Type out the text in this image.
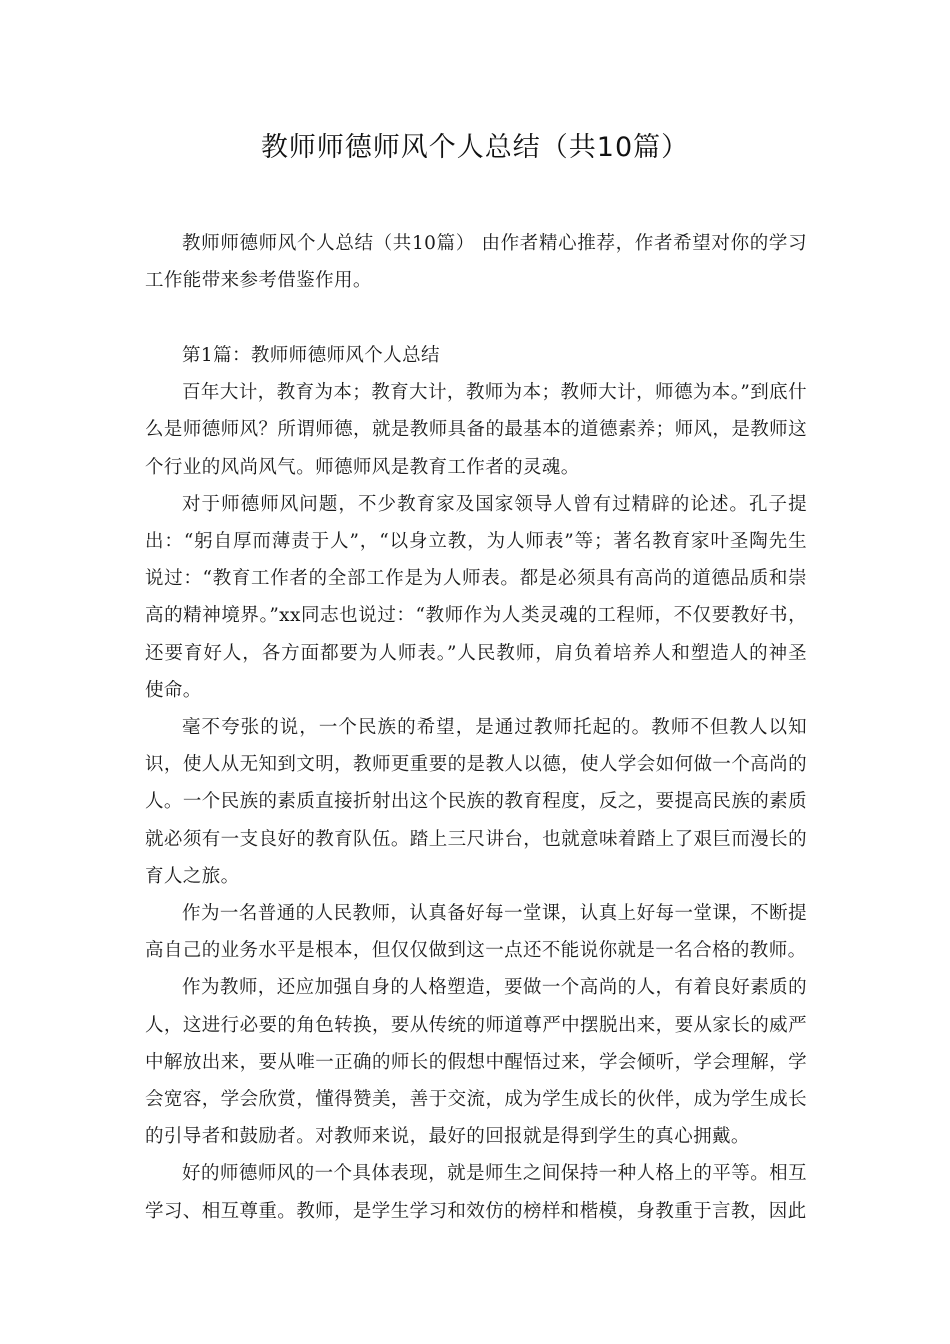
教师师德师风个人总结（共10篇）

教师师德师风个人总结（共10篇） 由作者精心推荐，作者希望对你的学习工作能带来参考借鉴作用。

第1篇：教师师德师风个人总结

百年大计，教育为本；教育大计，教师为本；教师大计，师德为本。”到底什么是师德师风？所谓师德，就是教师具备的最基本的道德素养；师风，是教师这个行业的风尚风气。师德师风是教育工作者的灵魂。

对于师德师风问题，不少教育家及国家领导人曾有过精辟的论述。孔子提出：“躬自厚而薄责于人”，“以身立教，为人师表”等；著名教育家叶圣陶先生说过：“教育工作者的全部工作是为人师表。都是必须具有高尚的道德品质和崇高的精神境界。”xx同志也说过：“教师作为人类灵魂的工程师，不仅要教好书，还要育好人，各方面都要为人师表。”人民教师，肩负着培养人和塑造人的神圣使命。

毫不夸张的说，一个民族的希望，是通过教师托起的。教师不但教人以知识，使人从无知到文明，教师更重要的是教人以德，使人学会如何做一个高尚的人。一个民族的素质直接折射出这个民族的教育程度，反之，要提高民族的素质就必须有一支良好的教育队伍。踏上三尺讲台，也就意味着踏上了艰巨而漫长的育人之旅。

作为一名普通的人民教师，认真备好每一堂课，认真上好每一堂课，不断提高自己的业务水平是根本，但仅仅做到这一点还不能说你就是一名合格的教师。

作为教师，还应加强自身的人格塑造，要做一个高尚的人，有着良好素质的人，这进行必要的角色转换，要从传统的师道尊严中摆脱出来，要从家长的威严中解放出来，要从唯一正确的师长的假想中醒悟过来，学会倾听，学会理解，学会宽容，学会欣赏，懂得赞美，善于交流，成为学生成长的伙伴，成为学生成长的引导者和鼓励者。对教师来说，最好的回报就是得到学生的真心拥戴。

好的师德师风的一个具体表现，就是师生之间保持一种人格上的平等。相互学习、相互尊重。教师，是学生学习和效仿的榜样和楷模，身教重于言教，因此
